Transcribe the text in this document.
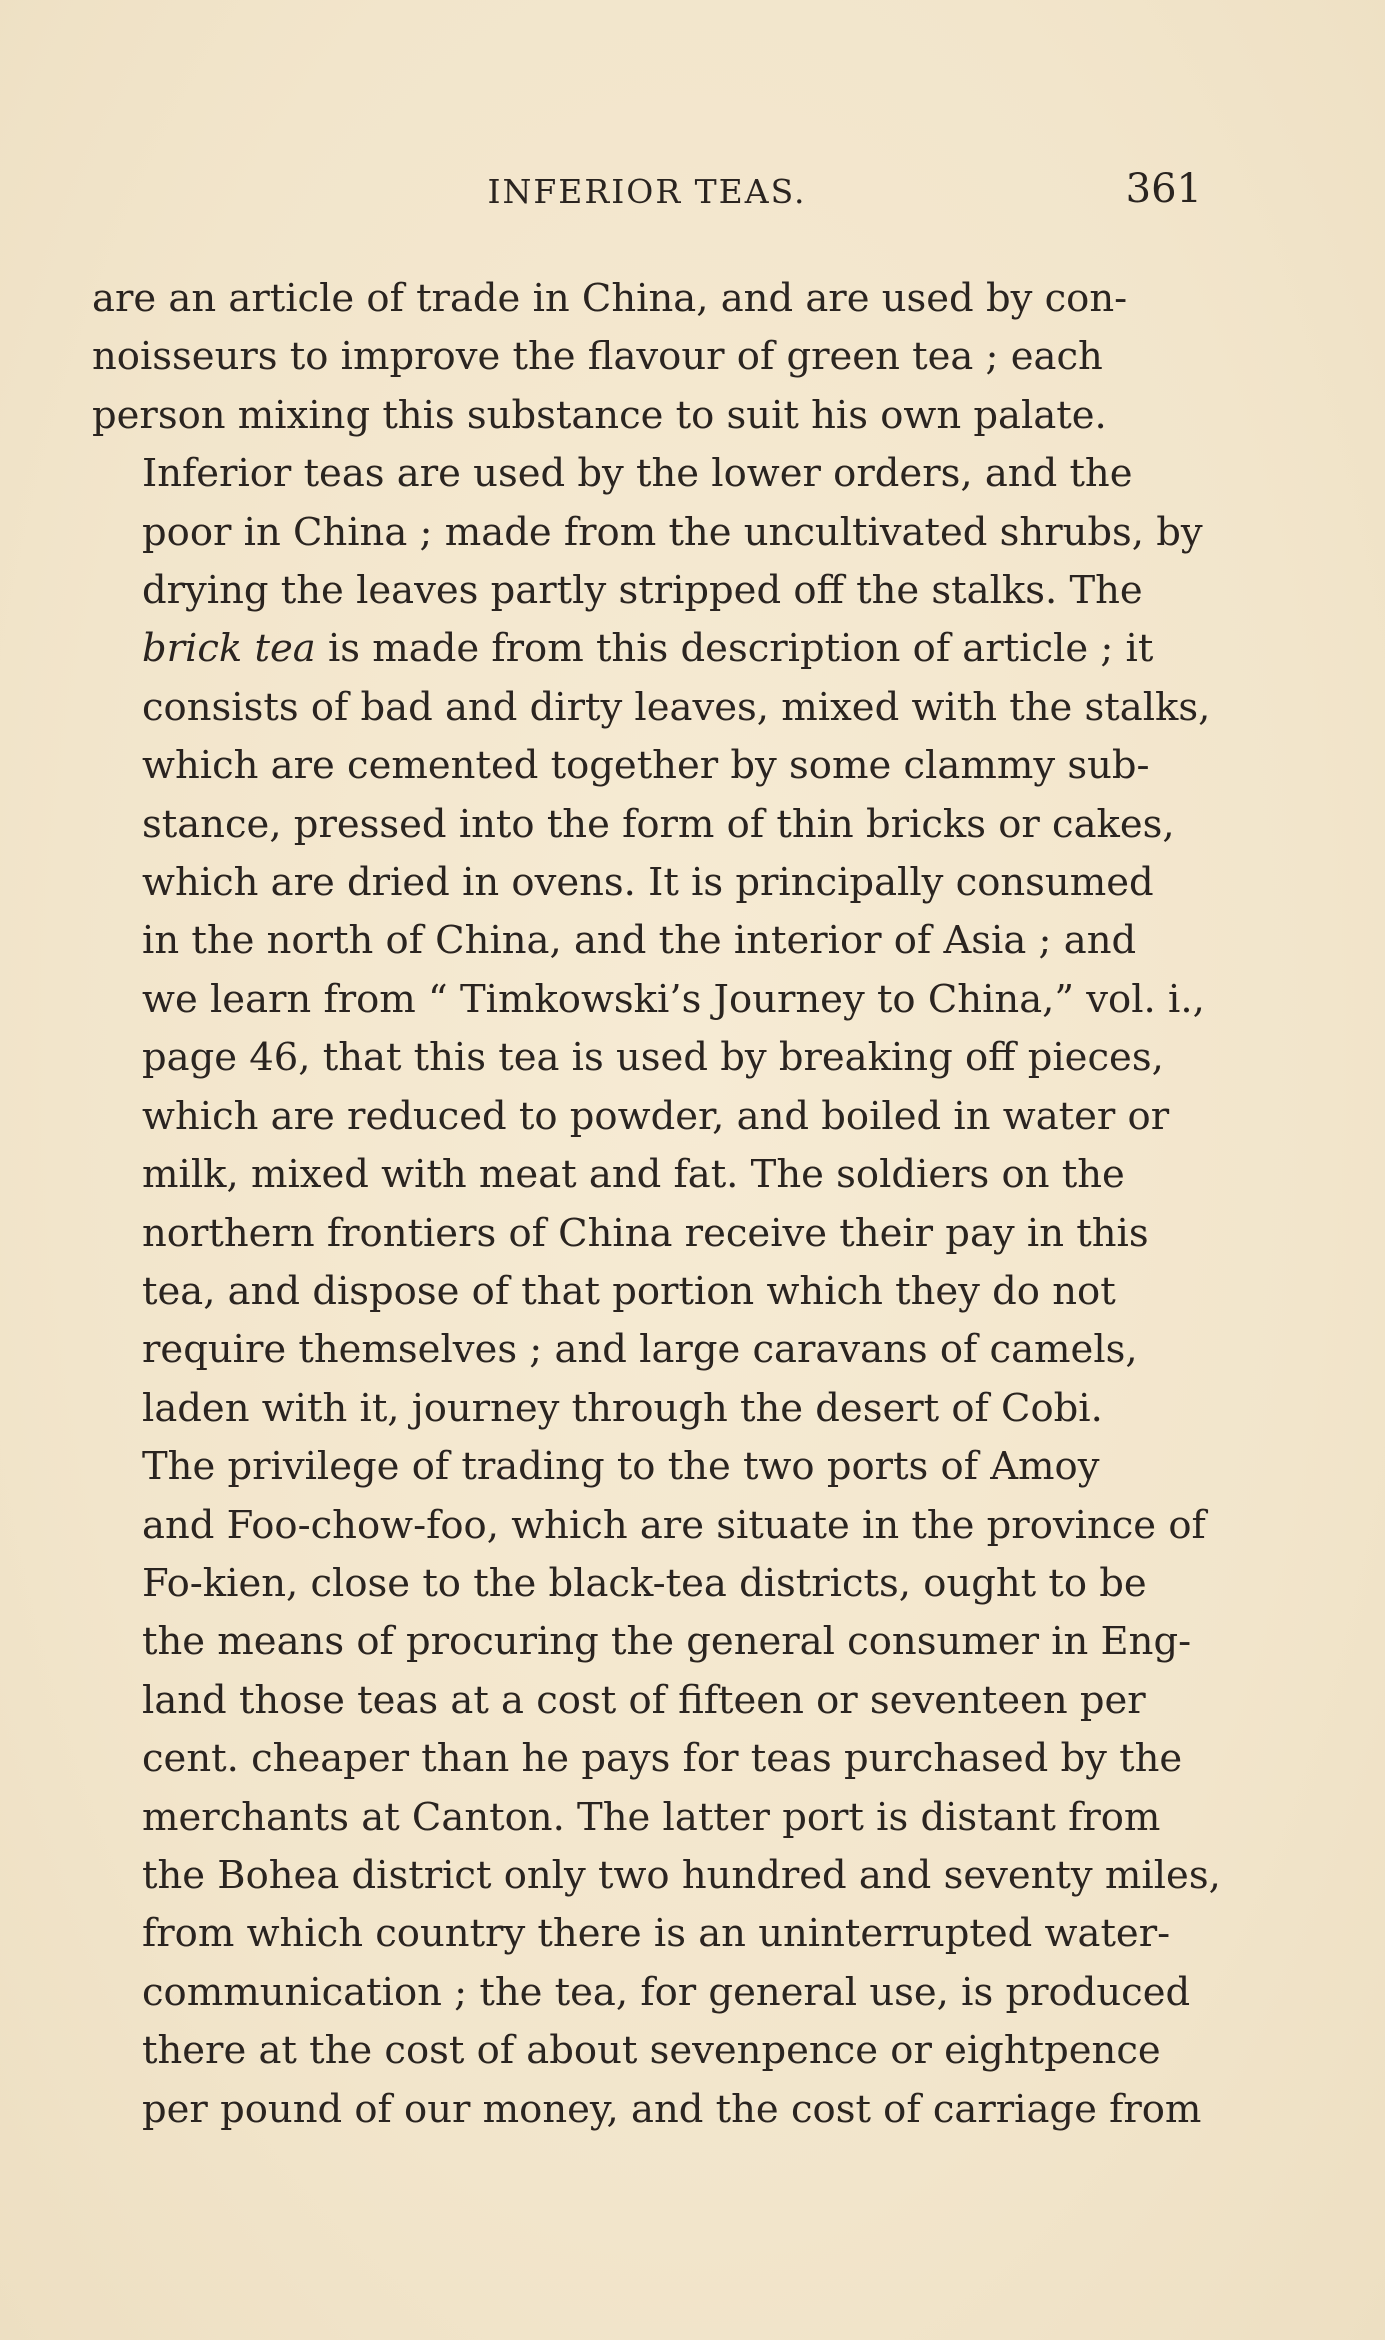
INFERIOR TEAS.	361

are an article of trade in China, and are used by con-
noisseurs to improve the flavour of green tea ; each
person mixing this substance to suit his own palate.

Inferior teas are used by the lower orders, and the
poor in China ; made from the uncultivated shrubs, by
drying the leaves partly stripped off the stalks. The
brick tea is made from this description of article ; it
consists of bad and dirty leaves, mixed with the stalks,
which are cemented together by some clammy sub-
stance, pressed into the form of thin bricks or cakes,
which are dried in ovens. It is principally consumed
in the north of China, and the interior of Asia ; and
we learn from “ Timkowski’s Journey to China,” vol. i.,
page 46, that this tea is used by breaking off pieces,
which are reduced to powder, and boiled in water or
milk, mixed with meat and fat. The soldiers on the
northern frontiers of China receive their pay in this
tea, and dispose of that portion which they do not
require themselves ; and large caravans of camels,
laden with it, journey through the desert of Cobi.

The privilege of trading to the two ports of Amoy
and Foo-chow-foo, which are situate in the province of
Fo-kien, close to the black-tea districts, ought to be
the means of procuring the general consumer in Eng-
land those teas at a cost of fifteen or seventeen per
cent. cheaper than he pays for teas purchased by the
merchants at Canton. The latter port is distant from
the Bohea district only two hundred and seventy miles,
from which country there is an uninterrupted water-
communication ; the tea, for general use, is produced
there at the cost of about sevenpence or eightpence
per pound of our money, and the cost of carriage from
